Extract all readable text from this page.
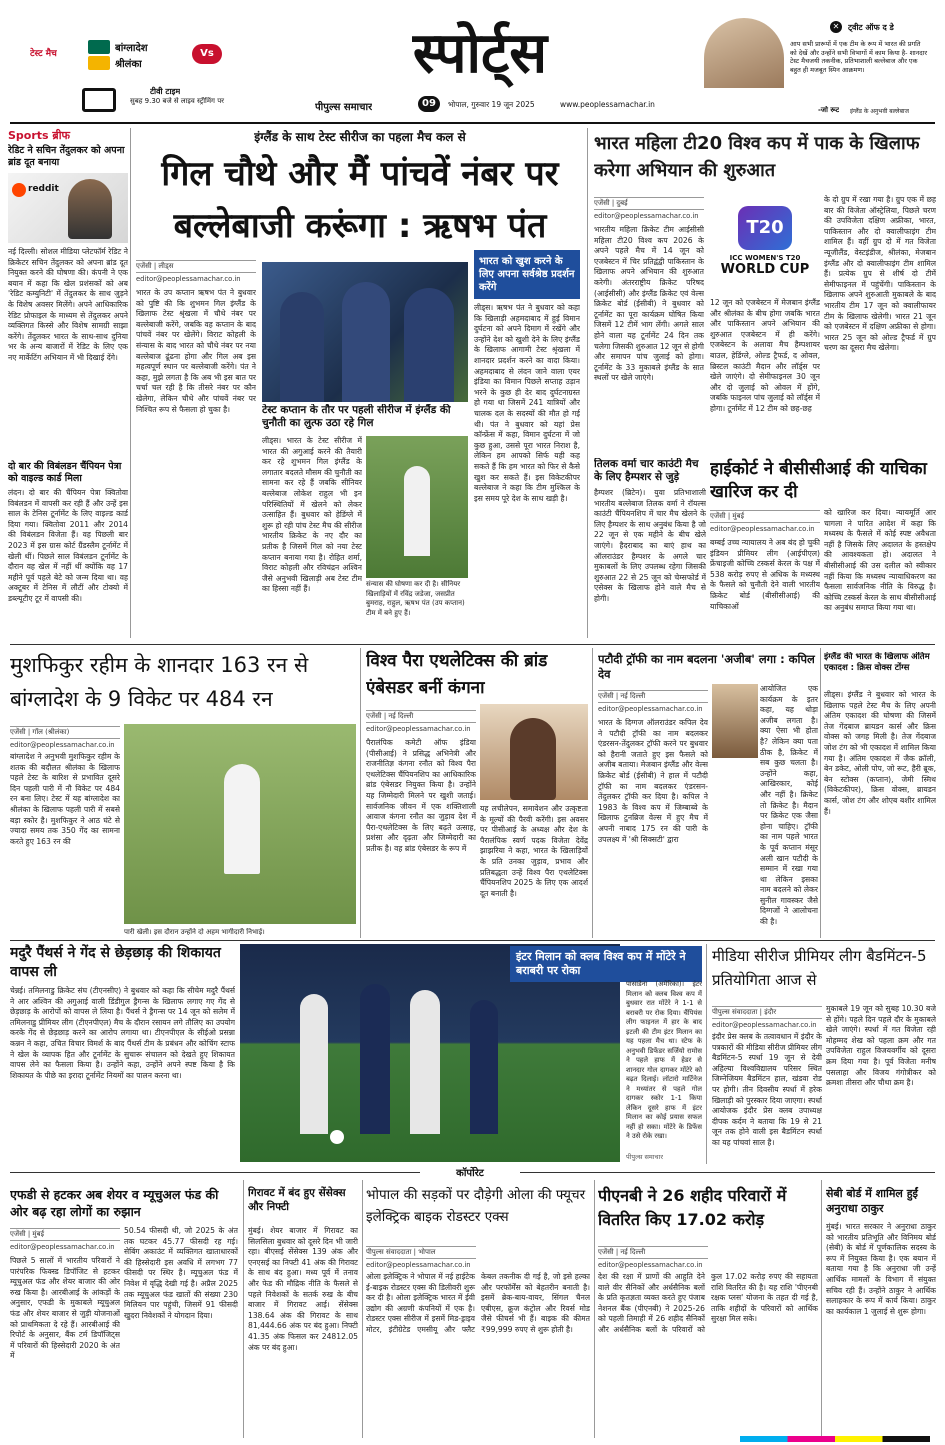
टेस्ट मैच	बांग्लादेश
श्रीलंका
Vs
टीवी टाइम
सुबह 9.30 बजे से लाइव स्ट्रीमिंग पर
स्पोर्ट्स
पीपुल्स समाचार	09	भोपाल, गुरुवार 19 जून 2025	www.peoplessamachar.in
✕	ट्वीट ऑफ द डे
आप सभी प्रारूपों में एक टीम के रूप में भारत की प्रगति को देखें और उन्होंने सभी विभागों में काम किया है- शानदार टेस्ट मैचजयी तकनीक, प्रतिभाशाली बल्लेबाज और एक बहुत ही मजबूत स्पिन आक्रमण।
-जो रूट इंग्लैंड के अनुभवी बल्लेबाज
Sports ब्रीफ
रेडिट ने सचिन तेंदुलकर को अपना ब्रांड दूत बनाया
reddit
नई दिल्ली। सोशल मीडिया प्लेटफॉर्म रेडिट ने क्रिकेटर सचिन तेंदुलकर को अपना ब्रांड दूत नियुक्त करने की घोषणा की। कंपनी ने एक बयान में कहा कि खेल प्रशंसकों को अब 'रेडिट कम्युनिटी' में तेंदुलकर के साथ जुड़ने के विशेष अवसर मिलेंगे। अपने आधिकारिक रेडिट प्रोफाइल के माध्यम से तेंदुलकर अपने व्यक्तिगत किस्से और विशेष सामग्री साझा करेंगे। तेंदुलकर भारत के साथ-साथ दुनिया भर के अन्य बाजारों में रेडिट के लिए एक नए मार्केटिंग अभियान में भी दिखाई देंगे।
दो बार की विबंलडन चैंपियन पेत्रा को वाइल्ड कार्ड मिला
लंदन। दो बार की चैंपियन पेत्रा क्वितोवा विबंलडन में वापसी कर रही हैं और उन्हें इस साल के टेनिस टूर्नामेंट के लिए वाइल्ड कार्ड दिया गया। क्वितोवा 2011 और 2014 की विबंलडन विजेता हैं। वह पिछली बार 2023 में इस ग्रास कोर्ट ग्रैंडस्लैम टूर्नामेंट में खेली थीं। पिछले साल विबंलडन टूर्नामेंट के दौरान वह खेल में नहीं थीं क्योंकि वह 17 महीने पूर्व पहले बेटे को जन्म दिया था। वह अक्टूबर में टेनिस में लौटीं और टोक्यो में डब्ल्यूटीए टूर में वापसी की।
इंग्लैंड के साथ टेस्ट सीरीज का पहला मैच कल से
गिल चौथे और मैं पांचवें नंबर पर बल्लेबाजी करूंगा : ऋषभ पंत
एजेंसी | लीड्स
editor@peoplessamachar.co.in
भारत के उप कप्तान ऋषभ पंत ने बुधवार को पुष्टि की कि शुभमन गिल इंग्लैंड के खिलाफ टेस्ट श्रृंखला में चौथे नंबर पर बल्लेबाजी करेंगे, जबकि वह कप्तान के बाद पांचवें नंबर पर खेलेंगे। विराट कोहली के संन्यास के बाद भारत को चौथे नंबर पर नया बल्लेबाज ढूंढना होगा और गिल अब इस महत्वपूर्ण स्थान पर बल्लेबाजी करेंगे। पंत ने कहा, मुझे लगता है कि अब भी इस बात पर चर्चा चल रही है कि तीसरे नंबर पर कौन खेलेगा, लेकिन चौथे और पांचवें नंबर पर निश्चित रूप से फैसला हो चुका है।	टेस्ट कप्तान के तौर पर पहली सीरीज में इंग्लैंड की चुनौती का लुत्फ उठा रहे गिल
लीड्स। भारत के टेस्ट सीरीज में भारत की अगुआई करने की तैयारी कर रहे शुभमन गिल इंग्लैंड के लगातार बदलते मौसम की चुनौती का सामना कर रहे हैं जबकि सीनियर बल्लेबाज लोकेश राहुल भी इन परिस्थितियों में खेलने को लेकर उत्साहित हैं। बुधवार को हेडिंग्ले में शुरू हो रही पांच टेस्ट मैच की सीरीज भारतीय क्रिकेट के नए दौर का प्रतीक है जिसमें गिल को नया टेस्ट कप्तान बनाया गया है। रोहित शर्मा, विराट कोहली और रविचंद्रन अश्विन जैसे अनुभवी खिलाड़ी अब टेस्ट टीम का हिस्सा नहीं हैं।
संन्यास की घोषणा कर दी है। सीनियर खिलाड़ियों में रविंद्र जडेजा, जसप्रीत बुमराह, राहुल, ऋषभ पंत (उप कप्तान) टीम में बने हुए हैं।
भारत को खुश करने के लिए अपना सर्वश्रेष्ठ प्रदर्शन करेंगे
लीड्स। ऋषभ पंत ने बुधवार को कहा कि खिलाड़ी अहमदाबाद में हुई विमान दुर्घटना को अपने दिमाग में रखेंगे और उन्होंने देश को खुशी देने के लिए इंग्लैंड के खिलाफ आगामी टेस्ट श्रृंखला में शानदार प्रदर्शन करने का वादा किया। अहमदाबाद से लंदन जाने वाला एयर इंडिया का विमान पिछले सप्ताह उड़ान भरने के कुछ ही देर बाद दुर्घटनाग्रस्त हो गया था जिसमें 241 यात्रियों और चालक दल के सदस्यों की मौत हो गई थी। पंत ने बुधवार को यहां प्रेस कॉन्फ्रेंस में कहा, विमान दुर्घटना में जो कुछ हुआ, उससे पूरा भारत निराश है, लेकिन हम आपको सिर्फ यही कह सकते हैं कि हम भारत को फिर से कैसे खुश कर सकते हैं। इस विकेटकीपर बल्लेबाज ने कहा कि टीम मुश्किल के इस समय पूरे देश के साथ खड़ी है।
भारत महिला टी20 विश्व कप में पाक के खिलाफ करेगा अभियान की शुरुआत
एजेंसी | दुबई
editor@peoplessamachar.co.in
भारतीय महिला क्रिकेट टीम आईसीसी महिला टी20 विश्व कप 2026 के अपने पहले मैच में 14 जून को एजबेस्टन में चिर प्रतिद्वंद्वी पाकिस्तान के खिलाफ अपने अभियान की शुरुआत करेगी। अंतरराष्ट्रीय क्रिकेट परिषद (आईसीसी) और इंग्लैंड क्रिकेट एवं वेल्स क्रिकेट बोर्ड (ईसीबी) ने बुधवार को टूर्नामेंट का पूरा कार्यक्रम घोषित किया जिसमें 12 टीमें भाग लेंगी। अगले साल होने वाला यह टूर्नामेंट 24 दिन तक चलेगा जिसकी शुरुआत 12 जून से होगी और समापन पांच जुलाई को होगा। टूर्नामेंट के 33 मुकाबले इंग्लैंड के सात स्थलों पर खेले जाएंगे।
T20
ICC WOMEN'S T20
WORLD CUP
12 जून को एजबेस्टन में मेजबान इंग्लैंड और श्रीलंका के बीच होगा जबकि भारत और पाकिस्तान अपने अभियान की शुरुआत एजबेस्टन में ही करेंगे। एजबेस्टन के अलावा मैच हैम्पशायर बाउल, हेडिंग्ले, ओल्ड ट्रैफर्ड, द ओवल, ब्रिस्टल काउंटी मैदान और लॉर्ड्स पर खेले जाएंगे। दो सेमीफाइनल 30 जून और दो जुलाई को ओवल में होंगे, जबकि फाइनल पांच जुलाई को लॉर्ड्स में होगा। टूर्नामेंट में 12 टीम को छह-छह
के दो ग्रुप में रखा गया है। ग्रुप एक में छह बार की विजेता ऑस्ट्रेलिया, पिछले चरण की उपविजेता दक्षिण अफ्रीका, भारत, पाकिस्तान और दो क्वालीफाइंग टीम शामिल हैं। वहीं ग्रुप दो में गत विजेता न्यूजीलैंड, वेस्टइंडीज, श्रीलंका, मेजबान इंग्लैंड और दो क्वालीफाइंग टीम शामिल हैं। प्रत्येक ग्रुप से शीर्ष दो टीमें सेमीफाइनल में पहुंचेंगी। पाकिस्तान के खिलाफ अपने शुरुआती मुकाबले के बाद भारतीय टीम 17 जून को क्वालीफायर टीम के खिलाफ खेलेगी। भारत 21 जून को एजबेस्टन में दक्षिण अफ्रीका से होगा। भारत 25 जून को ओल्ड ट्रैफर्ड में ग्रुप चरण का दूसरा मैच खेलेगा।
तिलक वर्मा चार काउंटी मैच के लिए हैम्पशर से जुड़े
हैम्पशर (ब्रिटेन)। युवा प्रतिभाशाली भारतीय बल्लेबाज तिलक वर्मा ने रॉयल्स काउंटी चैंपियनशिप में चार मैच खेलने के लिए हैम्पशर के साथ अनुबंध किया है जो 22 जून से एक महीने के बीच खेले जाएंगे। हैदराबाद का बाएं हाथ का ऑलराउंडर हैम्पशर के अगले चार मुकाबलों के लिए उपलब्ध रहेगा जिसकी शुरुआत 22 से 25 जून को चेम्सफोर्ड में एसेक्स के खिलाफ होने वाले मैच से होगी।
हाईकोर्ट ने बीसीसीआई की याचिका खारिज कर दी
एजेंसी | मुंबई
editor@peoplessamachar.co.in
बम्बई उच्च न्यायालय ने अब बंद हो चुकी इंडियन प्रीमियर लीग (आईपीएल) फ्रेंचाइजी कोच्चि टस्कर्स केरल के पक्ष में 538 करोड़ रुपए से अधिक के मध्यस्थ के फैसले को चुनौती देने वाली भारतीय क्रिकेट बोर्ड (बीसीसीआई) की याचिकाओं
को खारिज कर दिया। न्यायमूर्ति आर चागला ने पारित आदेश में कहा कि मध्यस्थ के फैसले में कोई स्पष्ट अवैधता नहीं है जिसके लिए अदालत के हस्तक्षेप की आवश्यकता हो। अदालत ने बीसीसीआई की उस दलील को स्वीकार नहीं किया कि मध्यस्थ न्यायाधिकरण का फैसला सार्वजनिक नीति के विरुद्ध है। कोच्चि टस्कर्स केरल के साथ बीसीसीआई का अनुबंध समाप्त किया गया था।
मुशफिकुर रहीम के शानदार 163 रन से बांग्लादेश के 9 विकेट पर 484 रन
एजेंसी | गॉल (श्रीलंका)
editor@peoplessamachar.co.in
बांग्लादेश ने अनुभवी मुशफिकुर रहीम के शतक की बदौलत श्रीलंका के खिलाफ पहले टेस्ट के बारिश से प्रभावित दूसरे दिन पहली पारी में नौ विकेट पर 484 रन बना लिए। टेस्ट में यह बांग्लादेश का श्रीलंका के खिलाफ पहली पारी में सबसे बड़ा स्कोर है। मुशफिकुर ने आठ घंटे से ज्यादा समय तक 350 गेंद का सामना करते हुए 163 रन की
पारी खेली। इस दौरान उन्होंने दो अहम भागीदारी निभाई।
विश्व पैरा एथलेटिक्स की ब्रांड एंबेसडर बनीं कंगना
एजेंसी | नई दिल्ली
editor@peoplessamachar.co.in
पैरालंपिक कमेटी ऑफ इंडिया (पीसीआई) ने प्रसिद्ध अभिनेत्री और राजनीतिज्ञ कंगना रनौत को विश्व पैरा एथलेटिक्स चैंपियनशिप का आधिकारिक ब्रांड एंबेसडर नियुक्त किया है। उन्होंने यह जिम्मेदारी मिलने पर खुशी जताई। सार्वजनिक जीवन में एक शक्तिशाली आवाज कंगना रनौत का जुड़ाव देश में पैरा-एथलेटिक्स के लिए बढ़ते उत्साह, प्रशंसा और दृढ़ता और जिम्मेदारी का प्रतीक है। वह ब्रांड एंबेसडर के रूप में
यह लचीलेपन, समावेशन और उत्कृष्टता के मूल्यों की पैरवी करेंगी। इस अवसर पर पीसीआई के अध्यक्ष और देश के पैरालंपिक स्वर्ण पदक विजेता देवेंद्र झाझरिया ने कहा, भारत के खिलाड़ियों के प्रति उनका जुड़ाव, प्रभाव और प्रतिबद्धता उन्हें विश्व पैरा एथलेटिक्स चैंपियनशिप 2025 के लिए एक आदर्श दूत बनाती है।
पटौदी ट्रॉफी का नाम बदलना 'अजीब' लगा : कपिल देव
एजेंसी | नई दिल्ली
editor@peoplessamachar.co.in
भारत के दिग्गज ऑलराउंडर कपिल देव ने पटौदी ट्रॉफी का नाम बदलकर एंडरसन-तेंदुलकर ट्रॉफी करने पर बुधवार को हैरानी जताते हुए इस फैसले को अजीब बताया। मेजबान इंग्लैंड और वेल्स क्रिकेट बोर्ड (ईसीबी) ने हाल में पटौदी ट्रॉफी का नाम बदलकर एंडरसन-तेंदुलकर ट्रॉफी कर दिया है। कपिल ने 1983 के विश्व कप में जिम्बाब्वे के खिलाफ टुनब्रिज वेल्स में हुए मैच में अपनी नाबाद 175 रन की पारी के उपलक्ष्य में 'श्री सिक्सटी' द्वारा
आयोजित एक कार्यक्रम के इतर कहा, यह थोड़ा अजीब लगता है। क्या ऐसा भी होता है? लेकिन क्या पता ठीक है, क्रिकेट में सब कुछ चलता है। उन्होंने कहा, आखिरकार, कोई और नहीं है। क्रिकेट तो क्रिकेट है। मैदान पर क्रिकेट एक जैसा होना चाहिए। ट्रॉफी का नाम पहले भारत के पूर्व कप्तान मंसूर अली खान पटौदी के सम्मान में रखा गया था लेकिन इसका नाम बदलने को लेकर सुनील गावस्कर जैसे दिग्गजों ने आलोचना की है।
इंग्लैंड की भारत के खिलाफ अंतिम एकादश : क्रिस वोक्स टोंग्स
लीड्स। इंग्लैंड ने बुधवार को भारत के खिलाफ पहले टेस्ट मैच के लिए अपनी अंतिम एकादश की घोषणा की जिसमें तेज गेंदबाज ब्रायडन कार्स और क्रिस वोक्स को जगह मिली है। तेज गेंदबाज जोश टंग को भी एकादश में शामिल किया गया है। अंतिम एकादश में जैक क्रॉली, बेन डकेट, ओली पोप, जो रूट, हैरी ब्रूक, बेन स्टोक्स (कप्तान), जेमी स्मिथ (विकेटकीपर), क्रिस वोक्स, ब्रायडन कार्स, जोश टंग और शोएब बशीर शामिल हैं।
मदुरै पैंथर्स ने गेंद से छेड़छाड़ की शिकायत वापस ली
चेन्नई। तमिलनाडु क्रिकेट संघ (टीएनसीए) ने बुधवार को कहा कि सीचेम मदुरै पैंथर्स ने आर अश्विन की अगुआई वाली डिंडीगुल ड्रैगन्स के खिलाफ लगाए गए गेंद से छेड़छाड़ के आरोपों को वापस ले लिया है। पैंथर्स ने ड्रैगन्स पर 14 जून को सलेम में तमिलनाडु प्रीमियर लीग (टीएनपीएल) मैच के दौरान रसायन लगे तौलिए का उपयोग करके गेंद से छेड़छाड़ करने का आरोप लगाया था। टीएनपीएल के सीईओ प्रसन्ना कन्नन ने कहा, उचित विचार विमर्श के बाद पैंथर्स टीम के प्रबंधन और कोचिंग स्टाफ ने खेल के व्यापक हित और टूर्नामेंट के सुचारू संचालन को देखते हुए शिकायत वापस लेने का फैसला किया है। उन्होंने कहा, उन्होंने अपने स्पष्ट किया है कि शिकायत के पीछे का इरादा टूर्नामेंट नियमों का पालन करना था।
इंटर मिलान को क्लब विश्व कप में मोंटेरे ने बराबरी पर रोका
पासाडेना (अमेरिका)। इंटर मिलान को क्लब विश्व कप में बुधवार रात मोंटेरे ने 1-1 से बराबरी पर रोक दिया। चैंपियंस लीग फाइनल में हार के बाद इटली की टीम इंटर मिलान का यह पहला मैच था। स्टेफ के अनुभवी डिफेंडर सर्जियो रामोस ने पहले हाफ में हेडर से शानदार गोल दागकर मोंटेरे को बढ़त दिलाई। लॉटारो मार्टिनेज ने मध्यांतर से पहले गोल दागकर स्कोर 1-1 किया लेकिन दूसरे हाफ में इंटर मिलान का कोई प्रयास सफल नहीं हो सका। मोंटेरे के डिफेंस ने उसे रोके रखा।
पीपुल्स समाचार
मीडिया सीरीज प्रीमियर लीग बैडमिंटन-5 प्रतियोगिता आज से
पीपुल्स संवाददाता | इंदौर
editor@peoplessamachar.co.in
इंदौर प्रेस क्लब के तत्वावधान में इंदौर के पत्रकारों की मीडिया सीरीज प्रीमियर लीग बैडमिंटन-5 स्पर्धा 19 जून से देवी अहिल्या विश्वविद्यालय परिसर स्थित जिम्नेजियम बैडमिंटन हाल, खंडवा रोड पर होगी। तीन दिवसीय स्पर्धा में हरेक खिलाड़ी को पुरस्कार दिया जाएगा। स्पर्धा आयोजक इंदौर प्रेस क्लब उपाध्यक्ष दीपक कर्दम ने बताया कि 19 से 21 जून तक होने वाली इस बैडमिंटन स्पर्धा का यह पांचवां साल है।
मुकाबले 19 जून को सुबह 10.30 बजे से होंगे। पहले दिन पहले दौर के मुकाबले खेले जाएंगे। स्पर्धा में गत विजेता रही मोहम्मद शेख को पहला क्रम और गत उपविजेता राहुल विजयवर्गीय को दूसरा क्रम दिया गया है। पूर्व विजेता मनीष पसलाहा और विजय गंगोत्रीकर को क्रमशः तीसरा और चौथा क्रम है।
कॉर्पोरेट
एफडी से हटकर अब शेयर व म्यूचुअल फंड की ओर बढ़ रहा लोगों का रुझान
एजेंसी | मुंबई
editor@peoplessamachar.co.in
पिछले 5 सालों में भारतीय परिवारों ने पारंपरिक फिक्स्ड डिपॉजिट से हटकर म्यूचुअल फंड और शेयर बाजार की ओर रुख किया है। आरबीआई के आंकड़ों के अनुसार, एफडी के मुकाबले म्यूचुअल फंड और शेयर बाजार से जुड़ी योजनाओं को प्राथमिकता दे रहे हैं। आरबीआई की रिपोर्ट के अनुसार, बैंक टर्म डिपॉजिट्स में परिवारों की हिस्सेदारी 2020 के अंत में
50.54 फीसदी थी, जो 2025 के अंत तक घटकर 45.77 फीसदी रह गई। सेबिंग अकाउंट में व्यक्तिगत खाताधारकों की हिस्सेदारी इस अवधि में लगभग 77 फीसदी पर स्थिर है। म्यूचुअल फंड में निवेश में वृद्धि देखी गई है। अप्रैल 2025 तक म्यूचुअल फंड खातों की संख्या 230 मिलियन पार पहुंची, जिसमें 91 फीसदी खुदरा निवेशकों ने योगदान दिया।
गिरावट में बंद हुए सेंसेक्स और निफ्टी
मुंबई। शेयर बाजार में गिरावट का सिलसिला बुधवार को दूसरे दिन भी जारी रहा। बीएसई सेंसेक्स 139 अंक और एनएसई का निफ्टी 41 अंक की गिरावट के साथ बंद हुआ। मध्य पूर्व में तनाव और फेड की मौद्रिक नीति के फैसले से पहले निवेशकों के सतर्क रुख के बीच बाजार में गिरावट आई। सेंसेक्स 138.64 अंक की गिरावट के साथ 81,444.66 अंक पर बंद हुआ। निफ्टी 41.35 अंक फिसल कर 24812.05 अंक पर बंद हुआ।
भोपाल की सड़कों पर दौड़ेगी ओला की फ्यूचर इलेक्ट्रिक बाइक रोडस्टर एक्स
पीपुल्स संवाददाता | भोपाल
editor@peoplessamachar.co.in
ओला इलेक्ट्रिक ने भोपाल में नई हाईटेक ई-बाइक रोडस्टर एक्स की डिलीवरी शुरू कर दी है। ओला इलेक्ट्रिक भारत में ईवी उद्योग की अग्रणी कंपनियों में एक है। रोडस्टर एक्स सीरीज में इसमें मिड-ड्राइव मोटर, इंटीग्रेटेड एमसीयू और फ्लैट केबल तकनीक दी गई है, जो इसे हल्का और परफॉर्मेंस को बेहतरीन बनाती है। इसमें ब्रेक-बाय-वायर, सिंगल चैनल एबीएस, क्रूज कंट्रोल और रिवर्स मोड जैसे फीचर्स भी हैं। बाइक की कीमत ₹99,999 रुपए से शुरू होती है।
पीएनबी ने 26 शहीद परिवारों में वितरित किए 17.02 करोड़
एजेंसी | नई दिल्ली
editor@peoplessamachar.co.in
देश की रक्षा में प्राणों की आहुति देने वाले वीर सैनिकों और अर्धसैनिक बलों के प्रति कृतज्ञता व्यक्त करते हुए पंजाब नेशनल बैंक (पीएनबी) ने 2025-26 को पहली तिमाही में 26 शहीद सैनिकों और अर्धसैनिक बलों के परिवारों को कुल 17.02 करोड़ रुपए की सहायता राशि वितरित की है। यह राशि 'पीएनबी रक्षक प्लस' योजना के तहत दी गई है, ताकि शहीदों के परिवारों को आर्थिक सुरक्षा मिल सके।
सेबी बोर्ड में शामिल हुईं अनुराधा ठाकुर
मुंबई। भारत सरकार ने अनुराधा ठाकुर को भारतीय प्रतिभूति और विनिमय बोर्ड (सेबी) के बोर्ड में पूर्णकालिक सदस्य के रूप में नियुक्त किया है। एक बयान में बताया गया है कि अनुराधा जी उन्हें आर्थिक मामलों के विभाग में संयुक्त सचिव रही हैं। उन्होंने ठाकुर ने आर्थिक सलाहकार के रूप में कार्य किया। ठाकुर का कार्यकाल 1 जुलाई से शुरू होगा।
